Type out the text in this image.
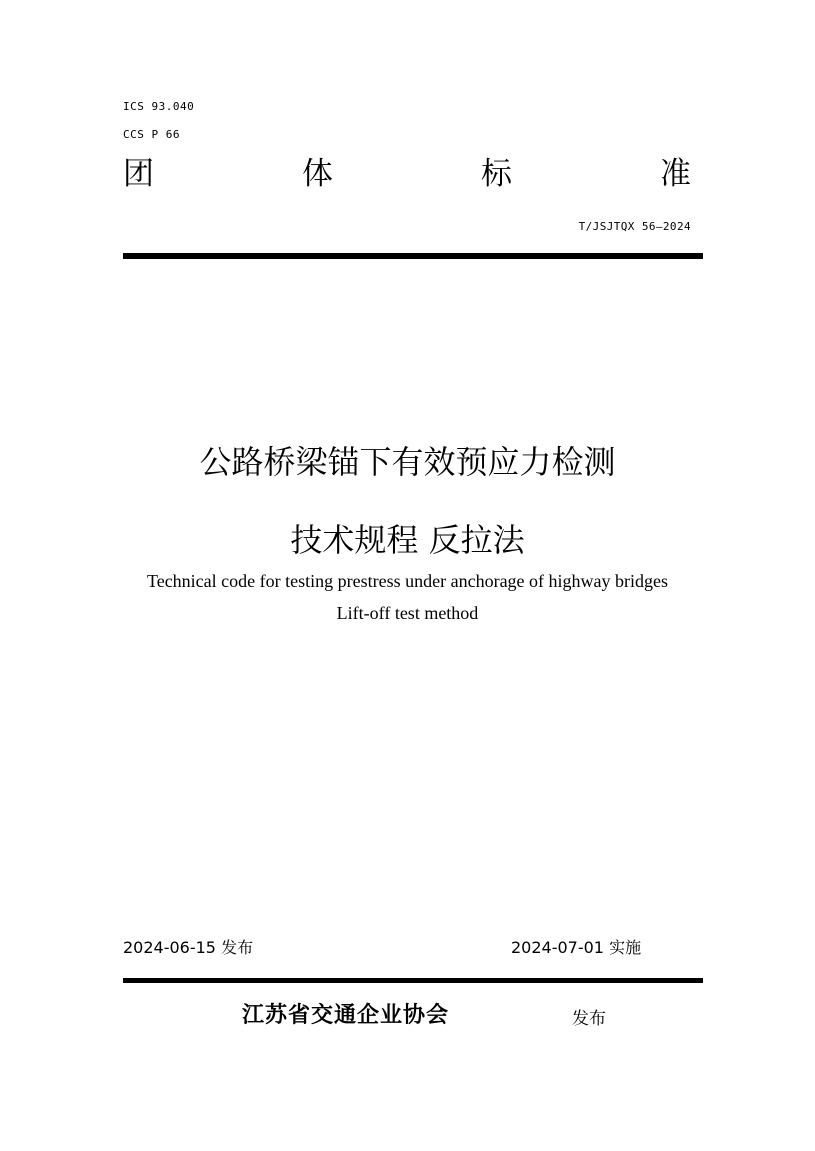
ICS 93.040
CCS P 66
团	体	标	准
T/JSJTQX 56—2024
公路桥梁锚下有效预应力检测
技术规程 反拉法
Technical code for testing prestress under anchorage of highway bridges
Lift-off test method
2024-06-15 发布	2024-07-01 实施
江苏省交通企业协会	发布
